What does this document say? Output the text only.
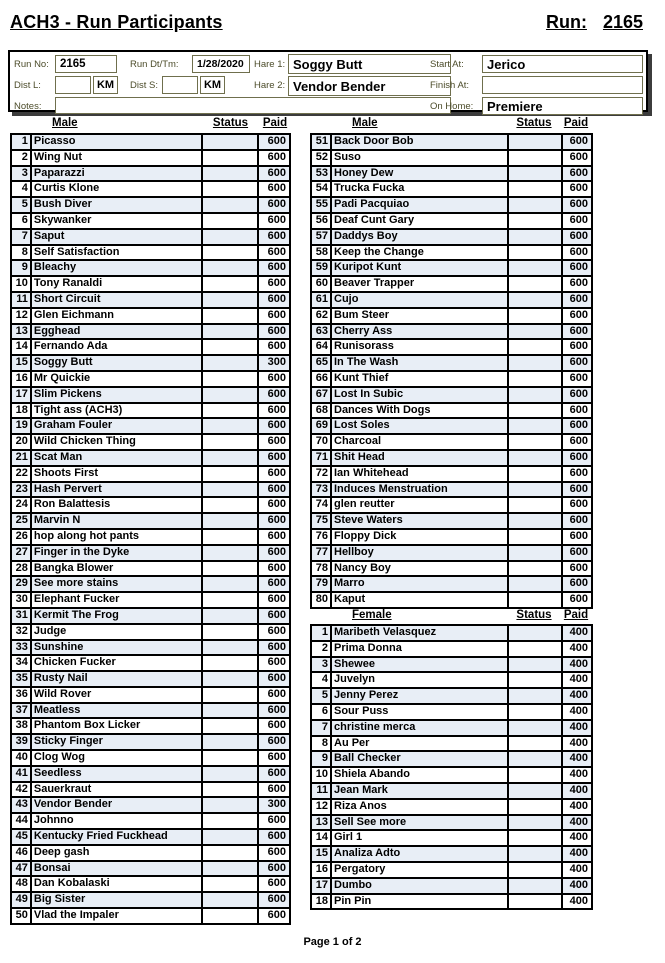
ACH3 - Run Participants	Run: 2165
Run No: 2165	Run Dt/Tm:	1/28/2020	Hare 1: Soggy Butt	Start At:	Jerico
Dist L:	KM	Dist S:	KM	Hare 2: Vendor Bender	Finish At:
Notes:	On Home:	Premiere
Male	Status Paid	Male	Status Paid
Female	Status Paid
1 Picasso	600
2 Wing Nut	600
3 Paparazzi	600
4 Curtis Klone	600
5 Bush Diver	600
6 Skywanker	600
7 Saput	600
8 Self Satisfaction	600
9 Bleachy	600
10 Tony Ranaldi	600
11 Short Circuit	600
12 Glen Eichmann	600
13 Egghead	600
14 Fernando Ada	600
15 Soggy Butt	300
16 Mr Quickie	600
17 Slim Pickens	600
18 Tight ass (ACH3)	600
19 Graham Fouler	600
20 Wild Chicken Thing	600
21 Scat Man	600
22 Shoots First	600
23 Hash Pervert	600
24 Ron Balattesis	600
25 Marvin N	600
26 hop along hot pants	600
27 Finger in the Dyke	600
28 Bangka Blower	600
29 See more stains	600
30 Elephant Fucker	600
31 Kermit The Frog	600
32 Judge	600
33 Sunshine	600
34 Chicken Fucker	600
35 Rusty Nail	600
36 Wild Rover	600
37 Meatless	600
38 Phantom Box Licker	600
39 Sticky Finger	600
40 Clog Wog	600
41 Seedless	600
42 Sauerkraut	600
43 Vendor Bender	300
44 Johnno	600
45 Kentucky Fried Fuckhead	600
46 Deep gash	600
47 Bonsai	600
48 Dan Kobalaski	600
49 Big Sister	600
50 Vlad the Impaler	600
51 Back Door Bob	600
52 Suso	600
53 Honey Dew	600
54 Trucka Fucka	600
55 Padi Pacquiao	600
56 Deaf Cunt Gary	600
57 Daddys Boy	600
58 Keep the Change	600
59 Kuripot Kunt	600
60 Beaver Trapper	600
61 Cujo	600
62 Bum Steer	600
63 Cherry Ass	600
64 Runisorass	600
65 In The Wash	600
66 Kunt Thief	600
67 Lost In Subic	600
68 Dances With Dogs	600
69 Lost Soles	600
70 Charcoal	600
71 Shit Head	600
72 Ian Whitehead	600
73 Induces Menstruation	600
74 glen reutter	600
75 Steve Waters	600
76 Floppy Dick	600
77 Hellboy	600
78 Nancy Boy	600
79 Marro	600
80 Kaput	600
1 Maribeth Velasquez	400
2 Prima Donna	400
3 Shewee	400
4 Juvelyn	400
5 Jenny Perez	400
6 Sour Puss	400
7 christine merca	400
8 Au Per	400
9 Ball Checker	400
10 Shiela Abando	400
11 Jean Mark	400
12 Riza Anos	400
13 Sell See more	400
14 Girl 1	400
15 Analiza Adto	400
16 Pergatory	400
17 Dumbo	400
18 Pin Pin	400
Page 1 of 2
